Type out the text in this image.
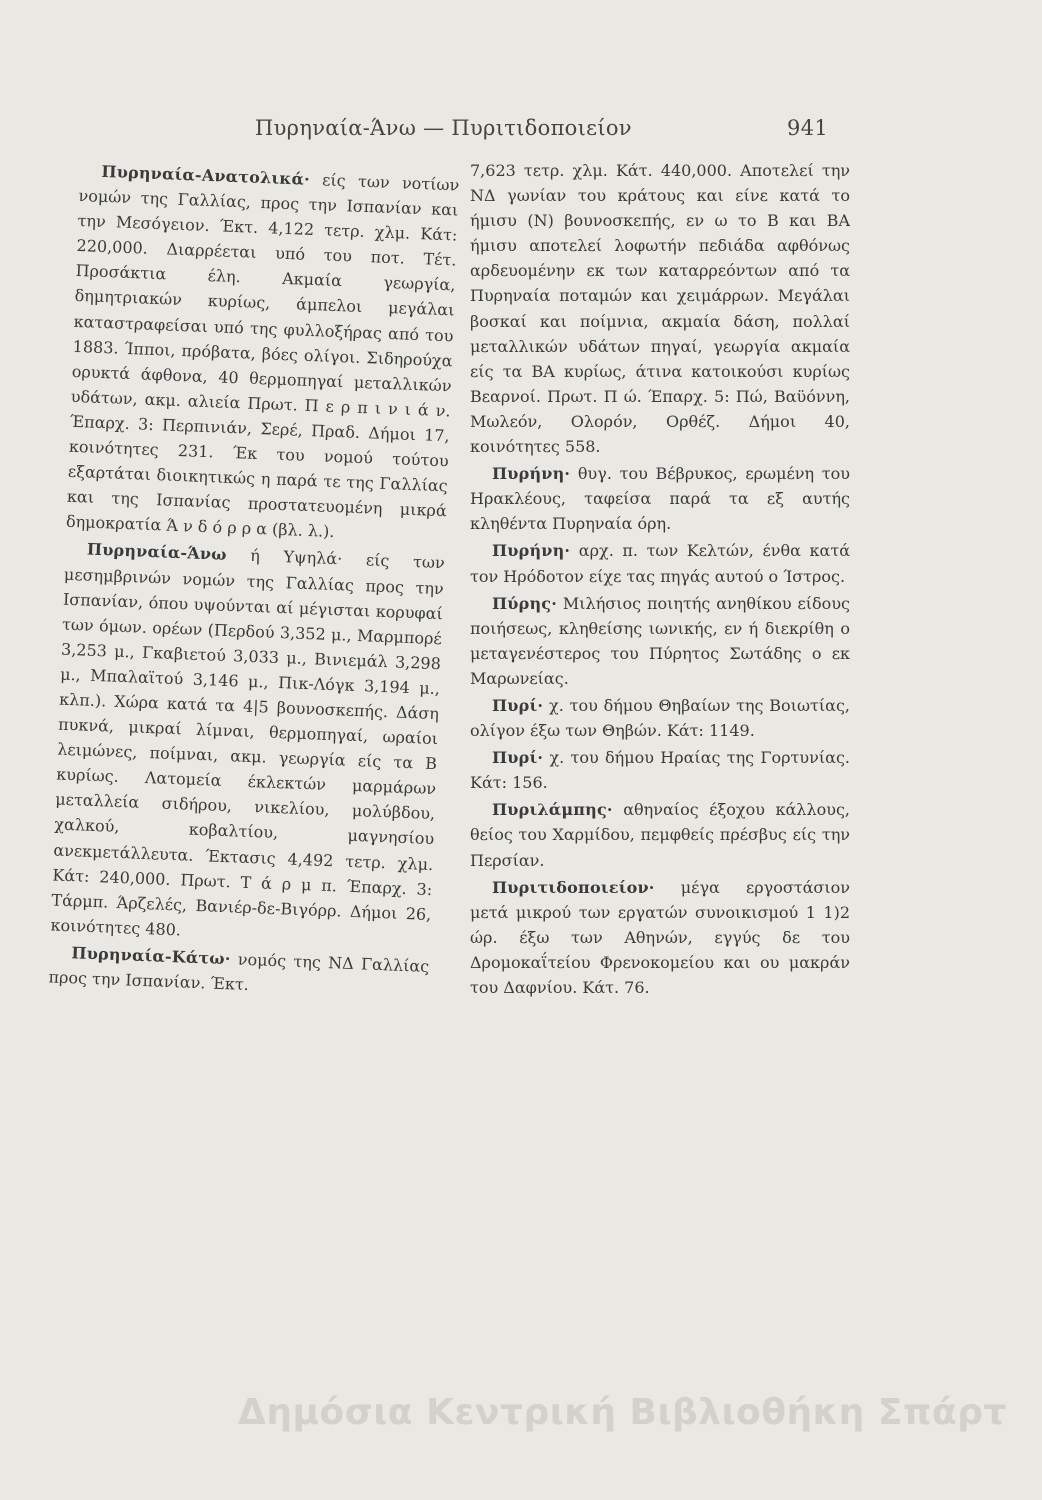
Πυρηναία-Άνω — Πυριτιδοποιείον	941

Πυρηναία-Ανατολικά· είς των νοτίων νομών της Γαλλίας, προς την Ισπανίαν και την Μεσόγειον. Έκτ. 4,122 τετρ. χλμ. Κάτ: 220,000. Διαρρέεται υπό του ποτ. Τέτ. Προσάκτια έλη. Ακμαία γεωργία, δημητριακών κυρίως, άμπελοι μεγάλαι καταστραφείσαι υπό της φυλλοξήρας από του 1883. Ίπποι, πρόβατα, βόες ολίγοι. Σιδηρούχα ορυκτά άφθονα, 40 θερμοπηγαί μεταλλικών υδάτων, ακμ. αλιεία Πρωτ. Π ε ρ π ι ν ι ά ν. Έπαρχ. 3: Περπινιάν, Σερέ, Πραδ. Δήμοι 17, κοινότητες 231. Έκ του νομού τούτου εξαρτάται διοικητικώς η παρά τε της Γαλλίας και της Ισπανίας προστατευομένη μικρά δημοκρατία Ά ν δ ό ρ ρ α (βλ. λ.).

Πυρηναία-Άνω ή Υψηλά· είς των μεσημβρινών νομών της Γαλλίας προς την Ισπανίαν, όπου υψούνται αί μέγισται κορυφαί των όμων. ορέων (Περδού 3,352 μ., Μαρμπορέ 3,253 μ., Γκαβιετού 3,033 μ., Βινιεμάλ 3,298 μ., Μπαλαϊτού 3,146 μ., Πικ-Λόγκ 3,194 μ., κλπ.). Χώρα κατά τα 4|5 βουνοσκεπής. Δάση πυκνά, μικραί λίμναι, θερμοπηγαί, ωραίοι λειμώνες, ποίμναι, ακμ. γεωργία είς τα Β κυρίως. Λατομεία έκλεκτών μαρμάρων μεταλλεία σιδήρου, νικελίου, μολύβδου, χαλκού, κοβαλτίου, μαγνησίου ανεκμετάλλευτα. Έκτασις 4,492 τετρ. χλμ. Κάτ: 240,000. Πρωτ. Τ ά ρ μ π. Έπαρχ. 3: Τάρμπ. Άρζελές, Βανιέρ-δε-Βιγόρρ. Δήμοι 26, κοινότητες 480.

Πυρηναία-Κάτω· νομός της ΝΔ Γαλλίας προς την Ισπανίαν. Έκτ.

7,623 τετρ. χλμ. Κάτ. 440,000. Αποτελεί την ΝΔ γωνίαν του κράτους και είνε κατά το ήμισυ (Ν) βουνοσκεπής, εν ω το Β και ΒΑ ήμισυ αποτελεί λοφωτήν πεδιάδα αφθόνως αρδευομένην εκ των καταρρεόντων από τα Πυρηναία ποταμών και χειμάρρων. Μεγάλαι βοσκαί και ποίμνια, ακμαία δάση, πολλαί μεταλλικών υδάτων πηγαί, γεωργία ακμαία είς τα ΒΑ κυρίως, άτινα κατοικούσι κυρίως Βεαρνοί. Πρωτ. Π ώ. Έπαρχ. 5: Πώ, Βαϋόννη, Μωλεόν, Ολορόν, Ορθέζ. Δήμοι 40, κοινότητες 558.

Πυρήνη· θυγ. του Βέβρυκος, ερωμένη του Ηρακλέους, ταφείσα παρά τα εξ αυτής κληθέντα Πυρηναία όρη.

Πυρήνη· αρχ. π. των Κελτών, ένθα κατά τον Ηρόδοτον είχε τας πηγάς αυτού ο Ίστρος.

Πύρης· Μιλήσιος ποιητής ανηθίκου είδους ποιήσεως, κληθείσης ιωνικής, εν ή διεκρίθη ο μεταγενέστερος του Πύρητος Σωτάδης ο εκ Μαρωνείας.

Πυρί· χ. του δήμου Θηβαίων της Βοιωτίας, ολίγον έξω των Θηβών. Κάτ: 1149.

Πυρί· χ. του δήμου Ηραίας της Γορτυνίας. Κάτ: 156.

Πυριλάμπης· αθηναίος έξοχου κάλλους, θείος του Χαρμίδου, πεμφθείς πρέσβυς είς την Περσίαν.

Πυριτιδοποιείον· μέγα εργοστάσιον μετά μικρού των εργατών συνοικισμού 1 1)2 ώρ. έξω των Αθηνών, εγγύς δε του Δρομοκαΐτείου Φρενοκομείου και ου μακράν του Δαφνίου. Κάτ. 76.

Δημόσια Κεντρική Βιβλιοθήκη Σπάρτ
